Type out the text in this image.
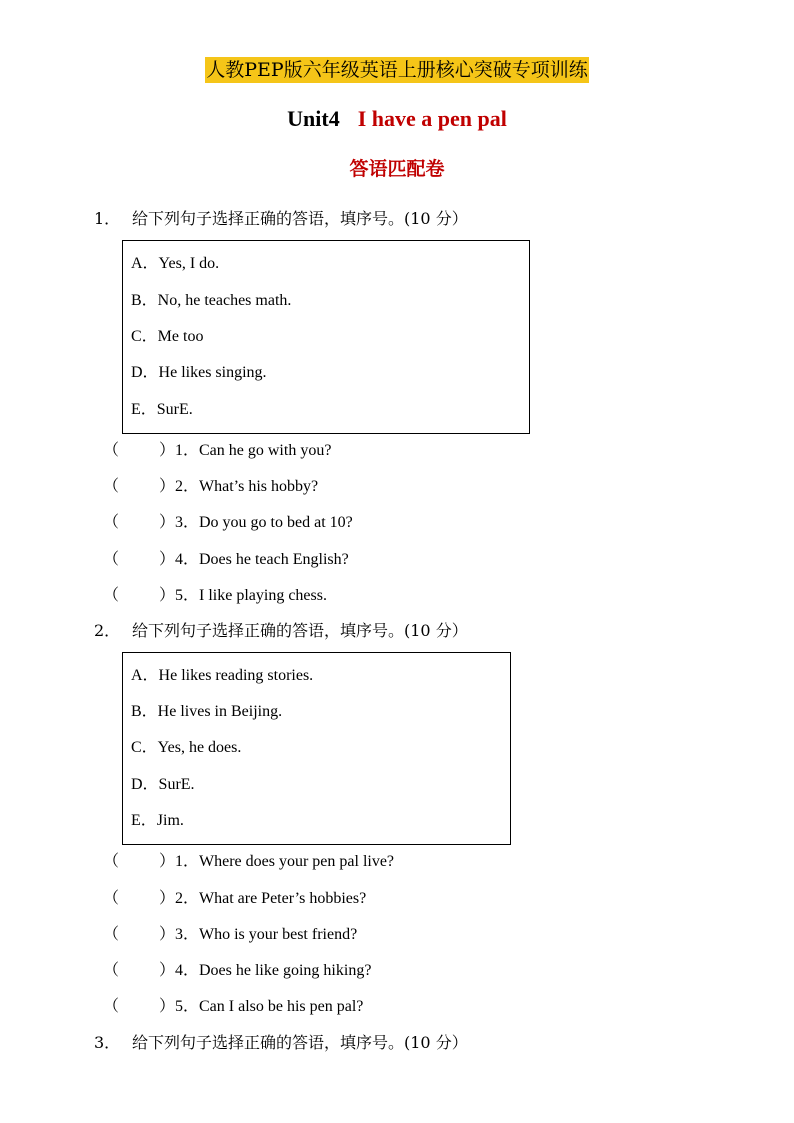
人教PEP版六年级英语上册核心突破专项训练
Unit4 I have a pen pal
答语匹配卷
1． 给下列句子选择正确的答语，填序号。(10 分）
A．Yes, I do.
B．No, he teaches math.
C．Me too
D．He likes singing.
E．SurE.
（ ）1．Can he go with you?
（ ）2．What’s his hobby?
（ ）3．Do you go to bed at 10?
（ ）4．Does he teach English?
（ ）5．I like playing chess.
2． 给下列句子选择正确的答语，填序号。(10 分）
A．He likes reading stories.
B．He lives in Beijing.
C．Yes, he does.
D．SurE.
E．Jim.
（ ）1．Where does your pen pal live?
（ ）2．What are Peter’s hobbies?
（ ）3．Who is your best friend?
（ ）4．Does he like going hiking?
（ ）5．Can I also be his pen pal?
3． 给下列句子选择正确的答语，填序号。(10 分）
